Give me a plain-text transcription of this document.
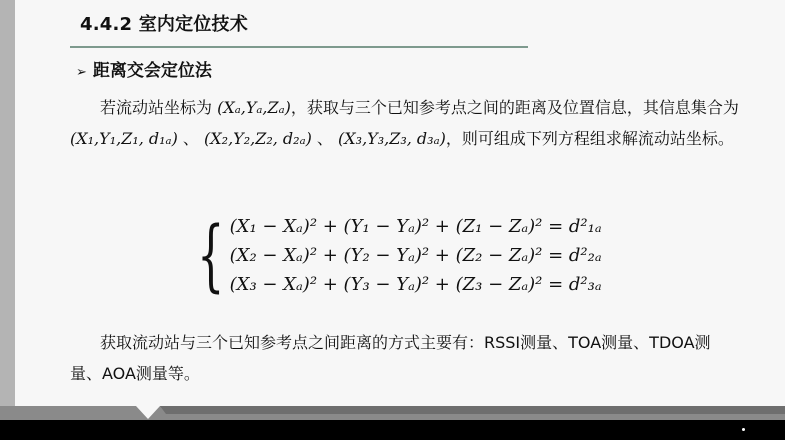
4.4.2 室内定位技术
➢ 距离交会定位法
若流动站坐标为 (Xₐ,Yₐ,Zₐ)，获取与三个已知参考点之间的距离及位置信息，其信息集合为 (X₁,Y₁,Z₁, d₁ₐ) 、 (X₂,Y₂,Z₂, d₂ₐ) 、 (X₃,Y₃,Z₃, d₃ₐ)，则可组成下列方程组求解流动站坐标。
{ (X₁ − Xₐ)² + (Y₁ − Yₐ)² + (Z₁ − Zₐ)² = d²₁ₐ
(X₂ − Xₐ)² + (Y₂ − Yₐ)² + (Z₂ − Zₐ)² = d²₂ₐ
(X₃ − Xₐ)² + (Y₃ − Yₐ)² + (Z₃ − Zₐ)² = d²₃ₐ
获取流动站与三个已知参考点之间距离的方式主要有：RSSI测量、TOA测量、TDOA测量、AOA测量等。
